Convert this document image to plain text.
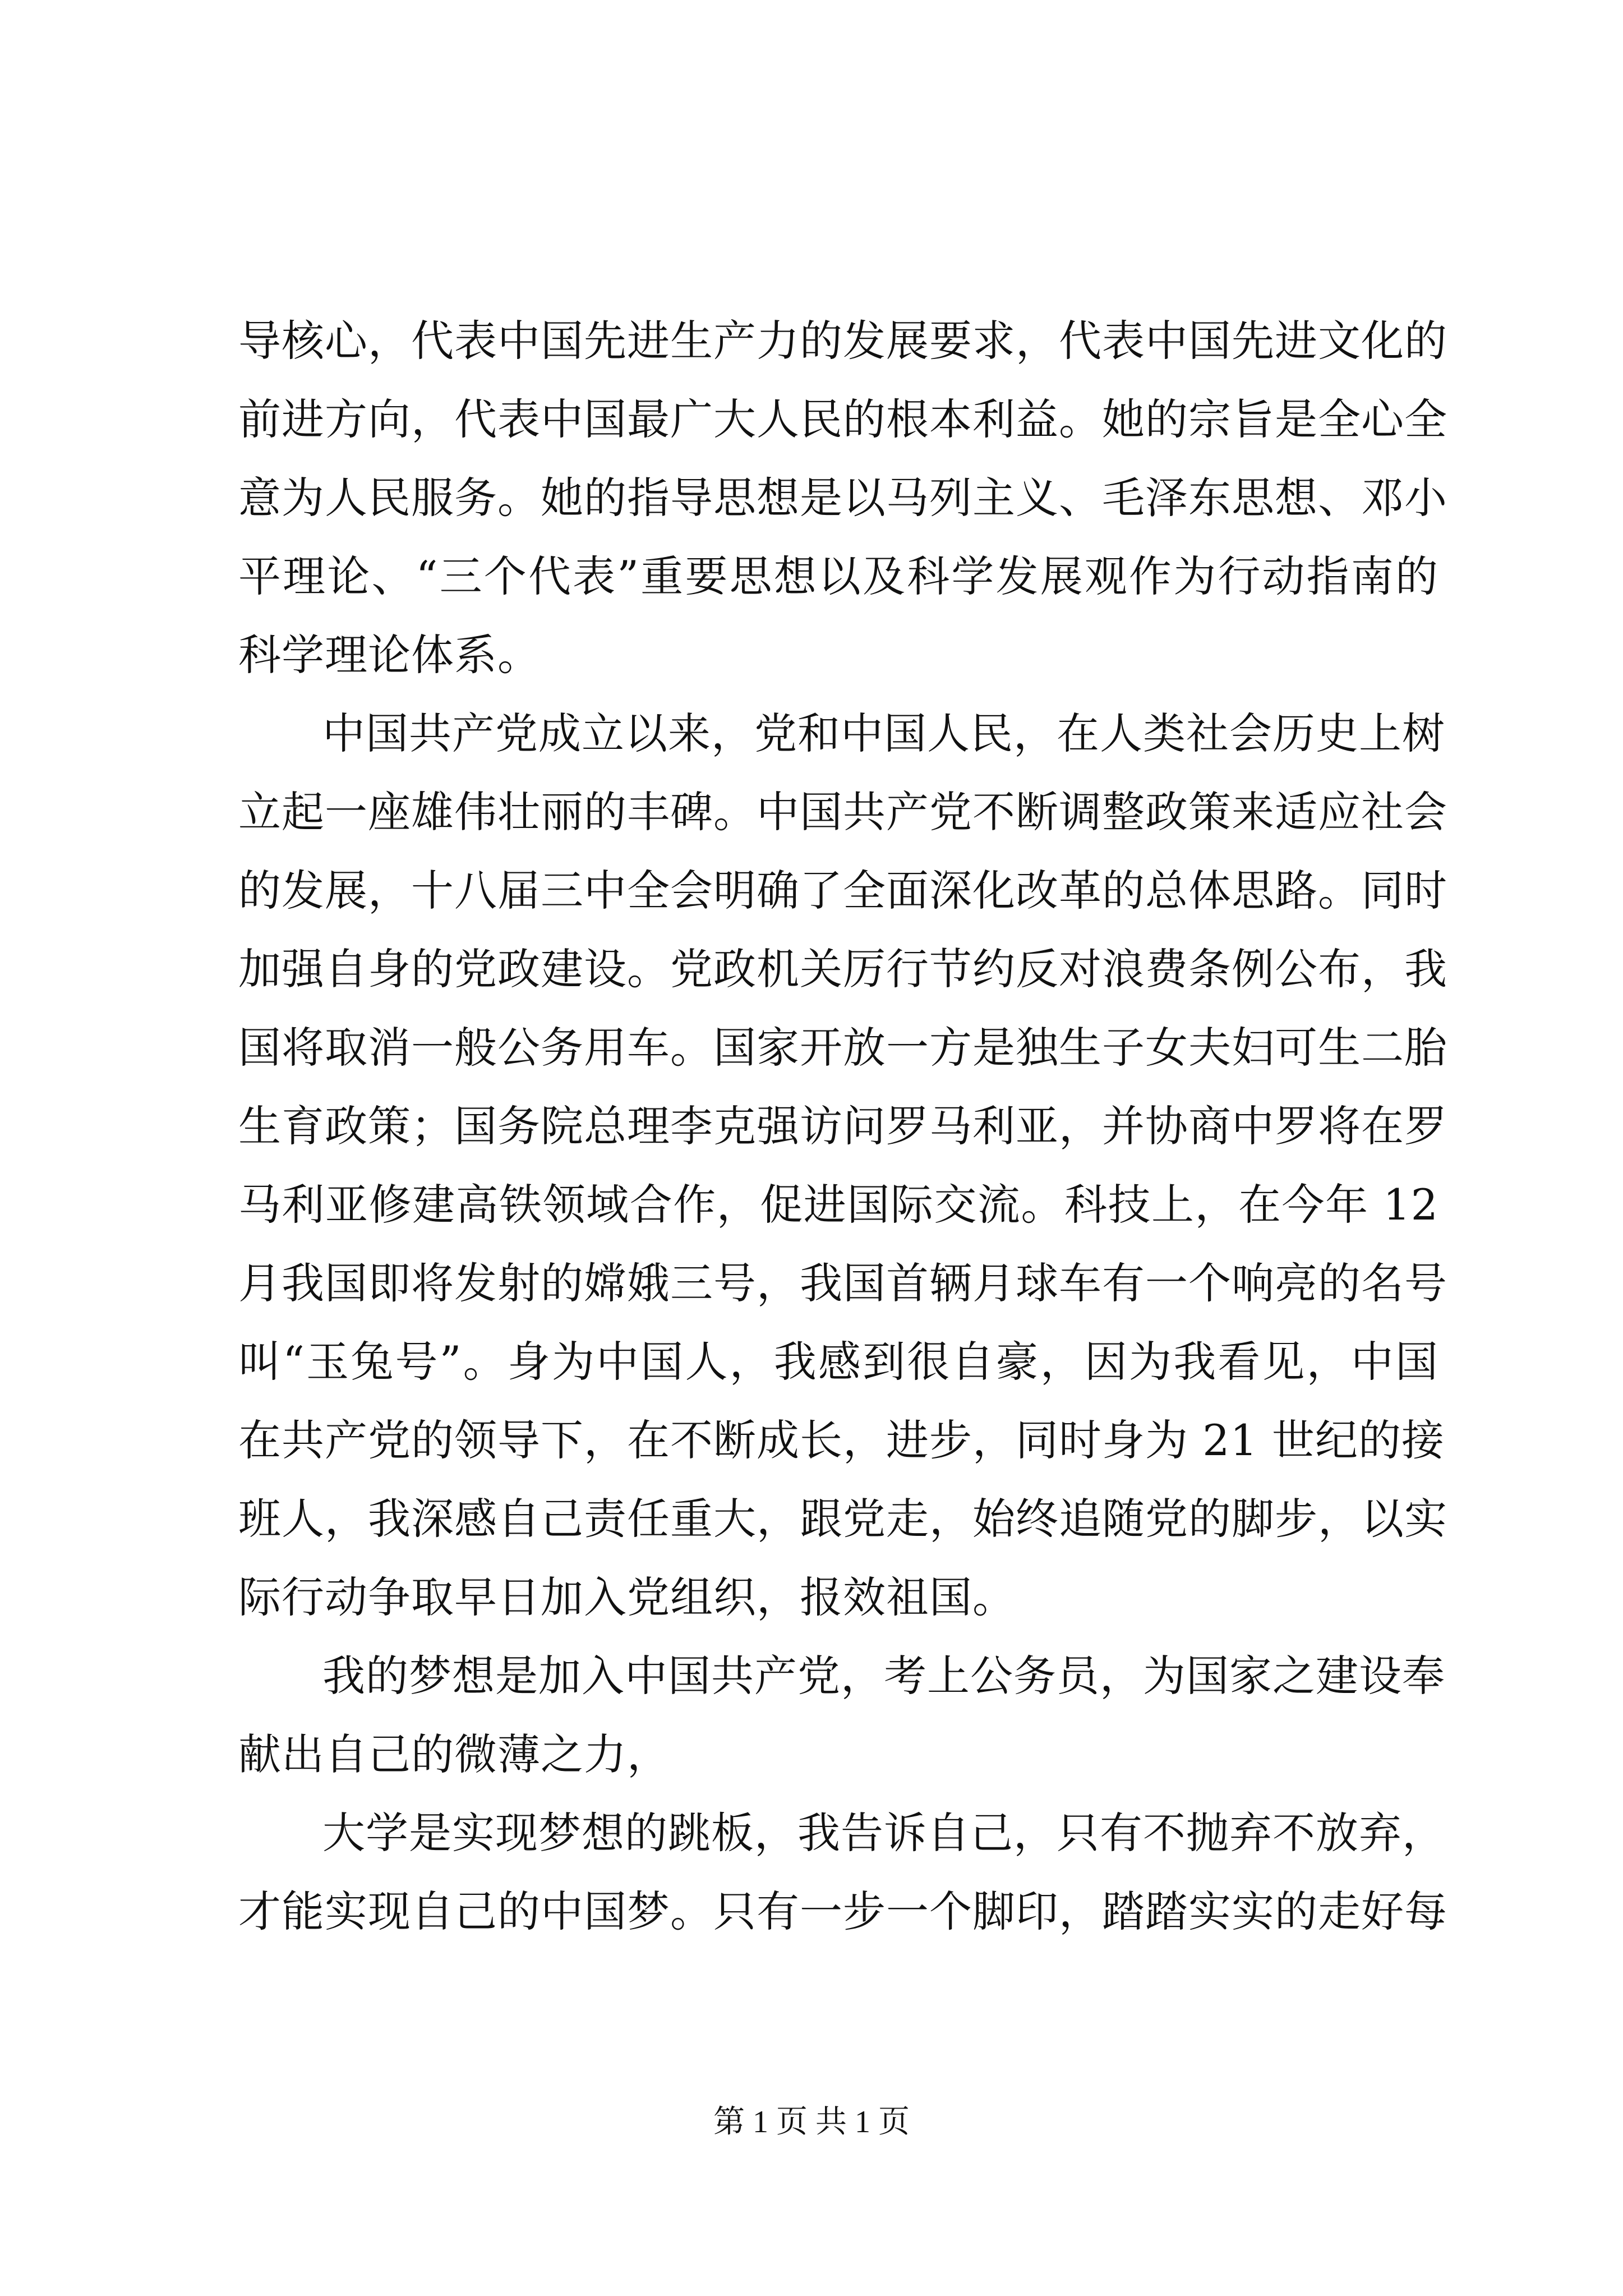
导核心，代表中国先进生产力的发展要求，代表中国先进文化的
前进方向，代表中国最广大人民的根本利益。她的宗旨是全心全
意为人民服务。她的指导思想是以马列主义、毛泽东思想、邓小
平理论、“三个代表”重要思想以及科学发展观作为行动指南的
科学理论体系。
中国共产党成立以来，党和中国人民，在人类社会历史上树
立起一座雄伟壮丽的丰碑。中国共产党不断调整政策来适应社会
的发展，十八届三中全会明确了全面深化改革的总体思路。同时
加强自身的党政建设。党政机关厉行节约反对浪费条例公布，我
国将取消一般公务用车。国家开放一方是独生子女夫妇可生二胎
生育政策；国务院总理李克强访问罗马利亚，并协商中罗将在罗
马利亚修建高铁领域合作，促进国际交流。科技上，在今年 12
月我国即将发射的嫦娥三号，我国首辆月球车有一个响亮的名号
叫“玉兔号”。身为中国人，我感到很自豪，因为我看见，中国
在共产党的领导下，在不断成长，进步，同时身为 21 世纪的接
班人，我深感自己责任重大，跟党走，始终追随党的脚步，以实
际行动争取早日加入党组织，报效祖国。
我的梦想是加入中国共产党，考上公务员，为国家之建设奉
献出自己的微薄之力，
大学是实现梦想的跳板，我告诉自己，只有不抛弃不放弃，
才能实现自己的中国梦。只有一步一个脚印，踏踏实实的走好每
第 1 页 共 1 页
